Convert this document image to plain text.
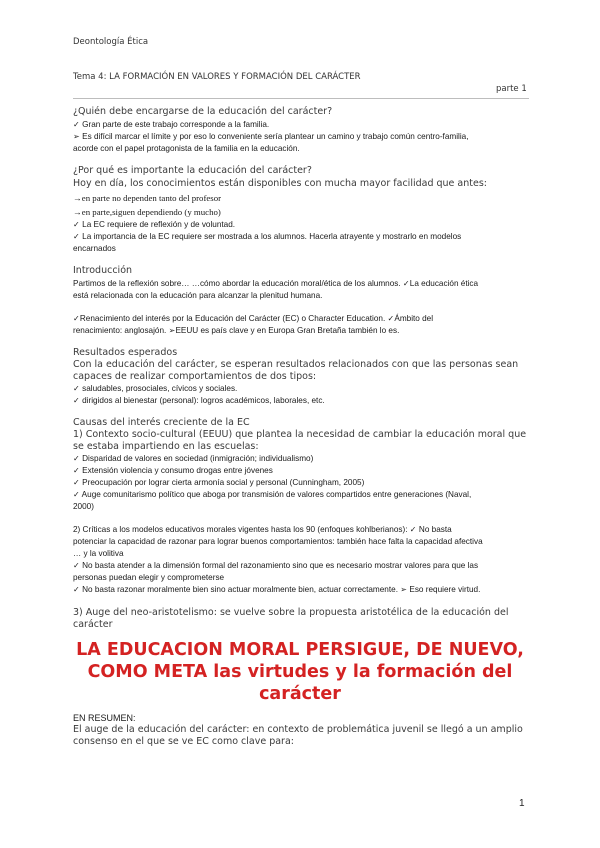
Deontología Ética
Tema 4: LA FORMACIÓN EN VALORES Y FORMACIÓN DEL CARÁCTER
parte 1
¿Quién debe encargarse de la educación del carácter?
✓ Gran parte de este trabajo corresponde a la familia.
➢ Es difícil marcar el límite y por eso lo conveniente sería plantear un camino y trabajo común centro-familia,
acorde con el papel protagonista de la familia en la educación.
¿Por qué es importante la educación del carácter?
Hoy en día, los conocimientos están disponibles con mucha mayor facilidad que antes:
→en parte no dependen tanto del profesor
→en parte,siguen dependiendo (y mucho)
✓ La EC requiere de reflexión y de voluntad.
✓ La importancia de la EC requiere ser mostrada a los alumnos. Hacerla atrayente y mostrarlo en modelos
encarnados
Introducción
Partimos de la reflexión sobre… …cómo abordar la educación moral/ética de los alumnos. ✓La educación ética
está relacionada con la educación para alcanzar la plenitud humana.
✓Renacimiento del interés por la Educación del Carácter (EC) o Character Education. ✓Ámbito del
renacimiento: anglosajón. ➢EEUU es país clave y en Europa Gran Bretaña también lo es.
Resultados esperados
Con la educación del carácter, se esperan resultados relacionados con que las personas sean
capaces de realizar comportamientos de dos tipos:
✓ saludables, prosociales, cívicos y sociales.
✓ dirigidos al bienestar (personal): logros académicos, laborales, etc.
Causas del interés creciente de la EC
1) Contexto socio-cultural (EEUU) que plantea la necesidad de cambiar la educación moral que
se estaba impartiendo en las escuelas:
✓ Disparidad de valores en sociedad (inmigración; individualismo)
✓ Extensión violencia y consumo drogas entre jóvenes
✓ Preocupación por lograr cierta armonía social y personal (Cunningham, 2005)
✓ Auge comunitarismo político que aboga por transmisión de valores compartidos entre generaciones (Naval,
2000)
2) Críticas a los modelos educativos morales vigentes hasta los 90 (enfoques kohlberianos): ✓ No basta
potenciar la capacidad de razonar para lograr buenos comportamientos: también hace falta la capacidad afectiva
… y la volitiva
✓ No basta atender a la dimensión formal del razonamiento sino que es necesario mostrar valores para que las
personas puedan elegir y comprometerse
✓ No basta razonar moralmente bien sino actuar moralmente bien, actuar correctamente. ➢ Eso requiere virtud.
3) Auge del neo-aristotelismo: se vuelve sobre la propuesta aristotélica de la educación del
carácter
LA EDUCACION MORAL PERSIGUE, DE NUEVO,
COMO META las virtudes y la formación del
carácter
EN RESUMEN:
El auge de la educación del carácter: en contexto de problemática juvenil se llegó a un amplio
consenso en el que se ve EC como clave para:
1
